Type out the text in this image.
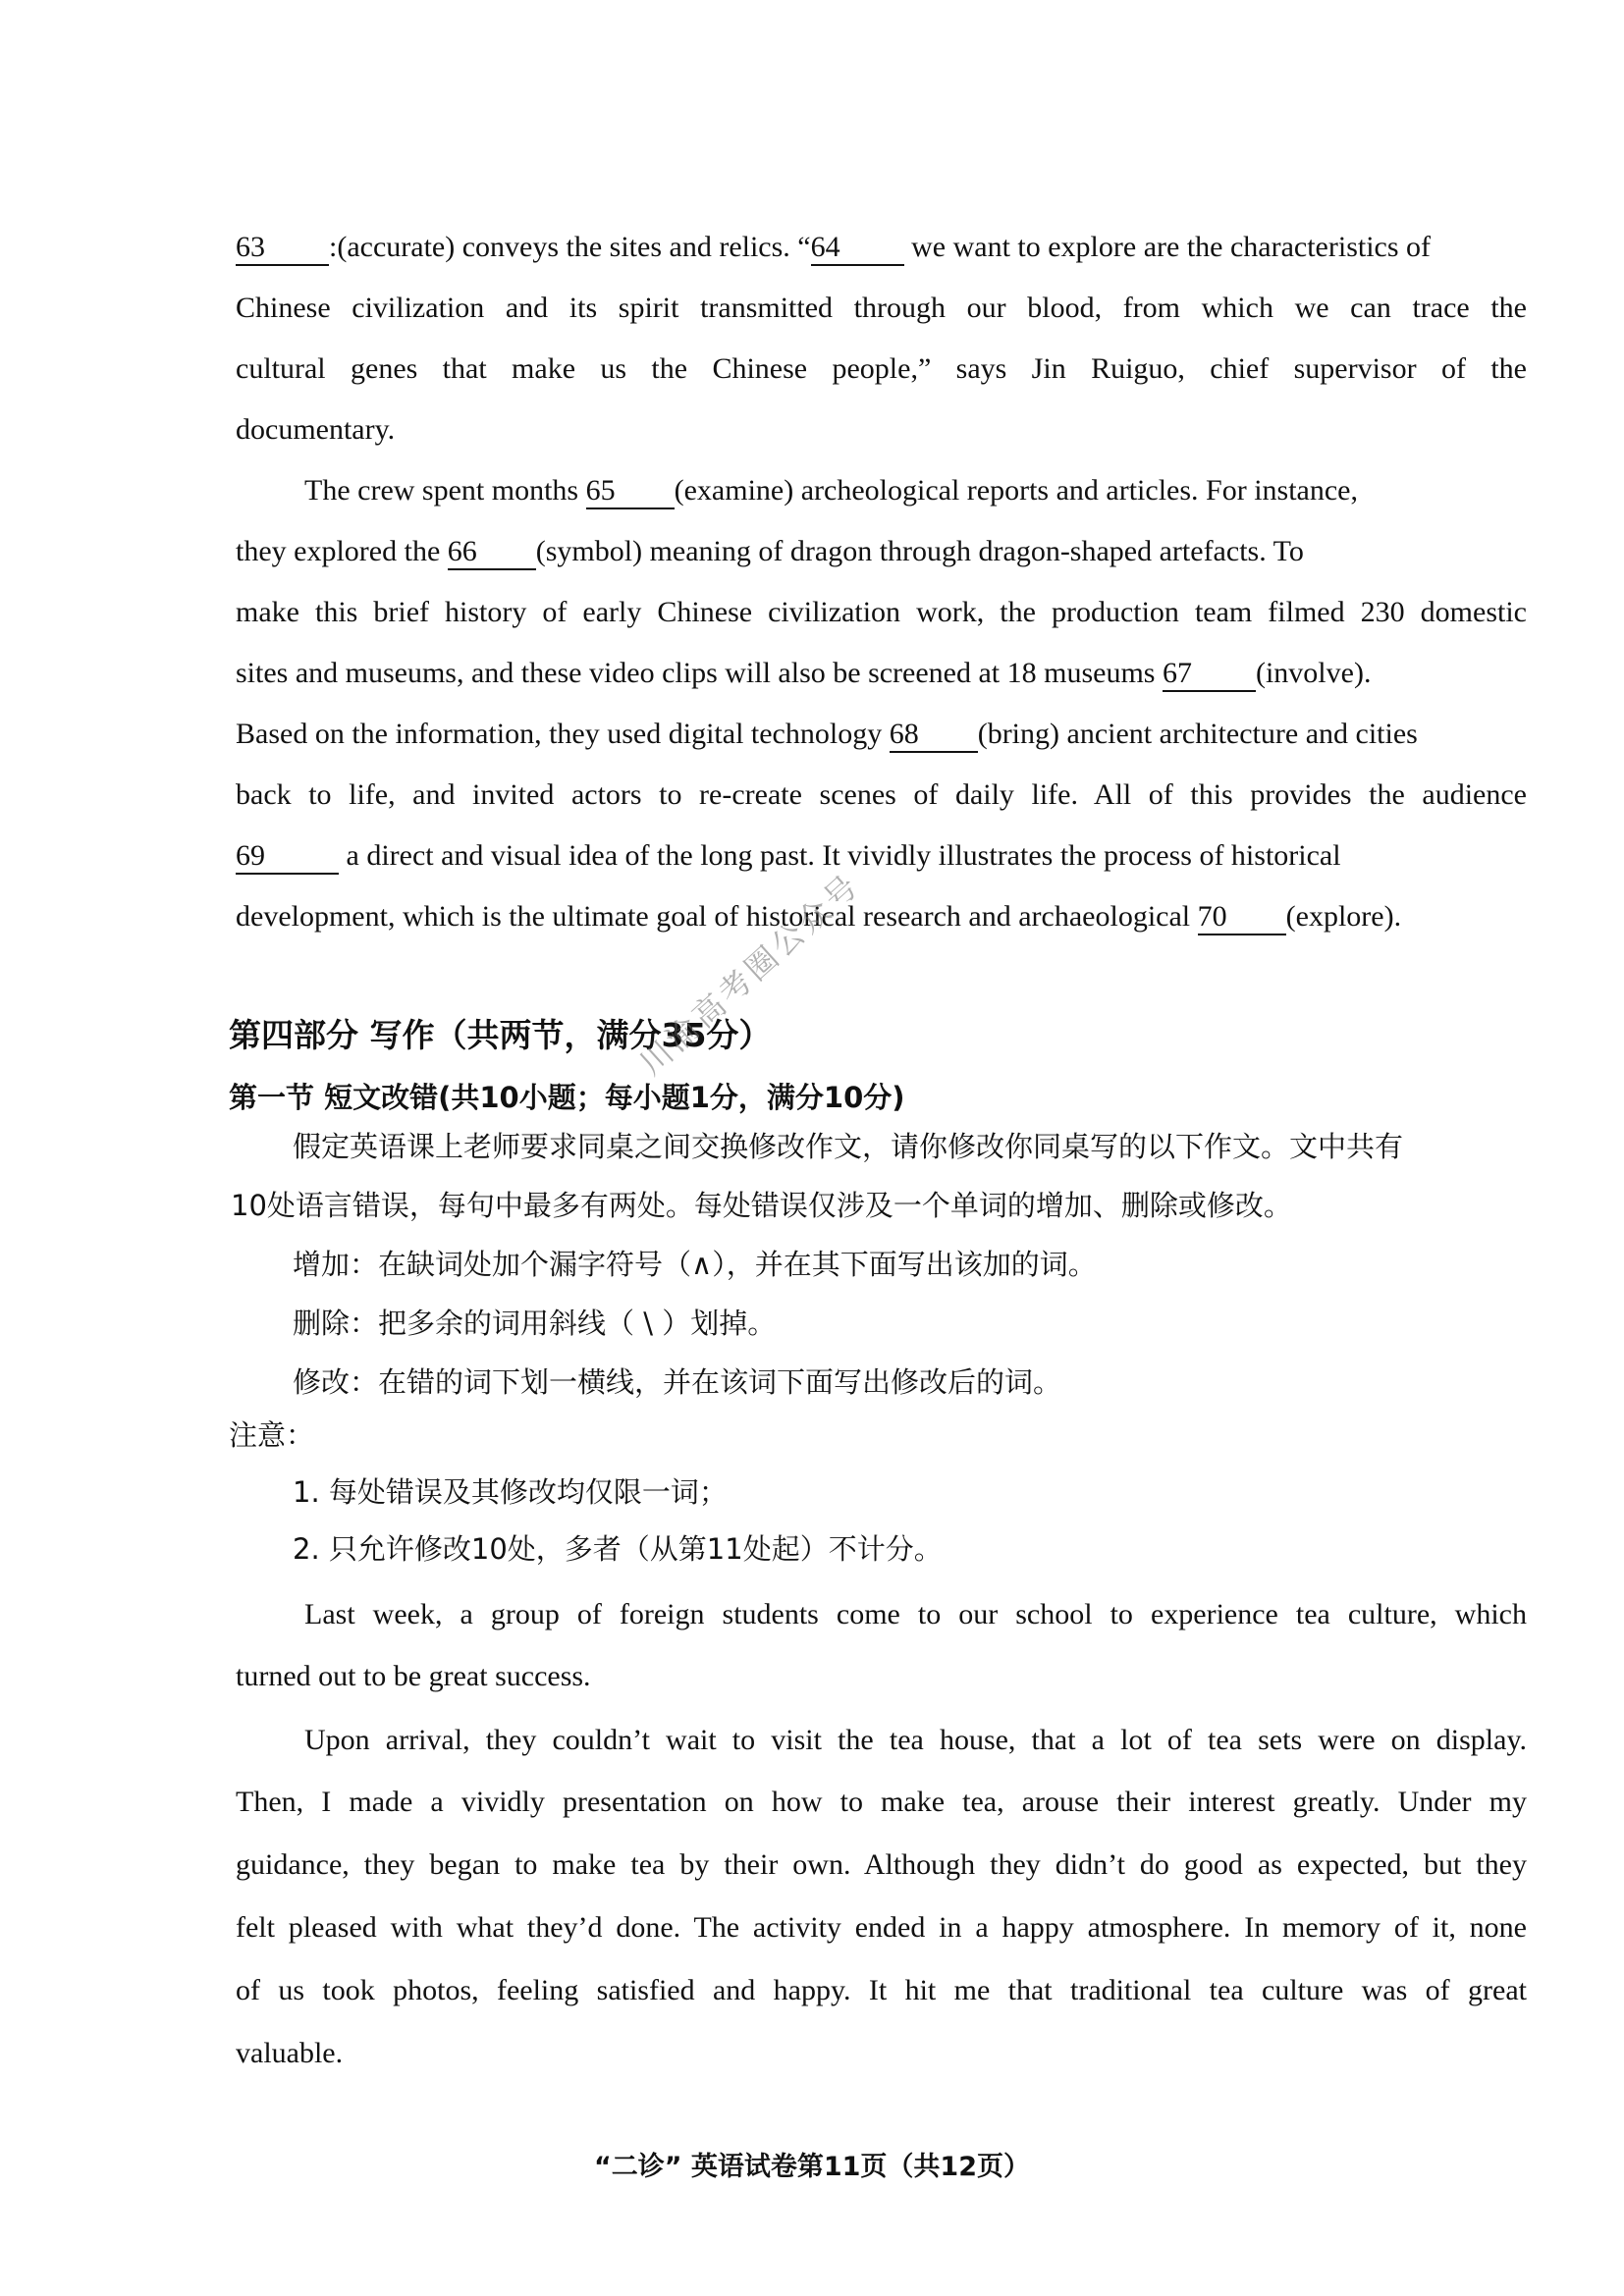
63 :(accurate) conveys the sites and relics. “64 we want to explore are the characteristics of
Chinese civilization and its spirit transmitted through our blood, from which we can trace the
cultural genes that make us the Chinese people,” says Jin Ruiguo, chief supervisor of the
documentary.
The crew spent months 65 (examine) archeological reports and articles. For instance,
they explored the 66 (symbol) meaning of dragon through dragon-shaped artefacts. To
make this brief history of early Chinese civilization work, the production team filmed 230 domestic
sites and museums, and these video clips will also be screened at 18 museums 67 (involve).
Based on the information, they used digital technology 68 (bring) ancient architecture and cities
back to life, and invited actors to re-create scenes of daily life. All of this provides the audience
69	a direct and visual idea of the long past. It vividly illustrates the process of historical
development, which is the ultimate goal of historical research and archaeological 70 (explore).
第四部分 写作（共两节，满分35分）
第一节 短文改错(共10小题；每小题1分，满分10分)
假定英语课上老师要求同桌之间交换修改作文，请你修改你同桌写的以下作文。文中共有
10处语言错误，每句中最多有两处。每处错误仅涉及一个单词的增加、删除或修改。
增加：在缺词处加个漏字符号（∧），并在其下面写出该加的词。
删除：把多余的词用斜线（ \ ）划掉。
修改：在错的词下划一横线，并在该词下面写出修改后的词。
注意：
1. 每处错误及其修改均仅限一词；
2. 只允许修改10处，多者（从第11处起）不计分。
Last week, a group of foreign students come to our school to experience tea culture, which
turned out to be great success.
Upon arrival, they couldn’t wait to visit the tea house, that a lot of tea sets were on display.
Then, I made a vividly presentation on how to make tea, arouse their interest greatly. Under my
guidance, they began to make tea by their own. Although they didn’t do good as expected, but they
felt pleased with what they’d done. The activity ended in a happy atmosphere. In memory of it, none
of us took photos, feeling satisfied and happy. It hit me that traditional tea culture was of great
valuable.
“二诊” 英语试卷第11页（共12页）
川渝高考圈公众号
